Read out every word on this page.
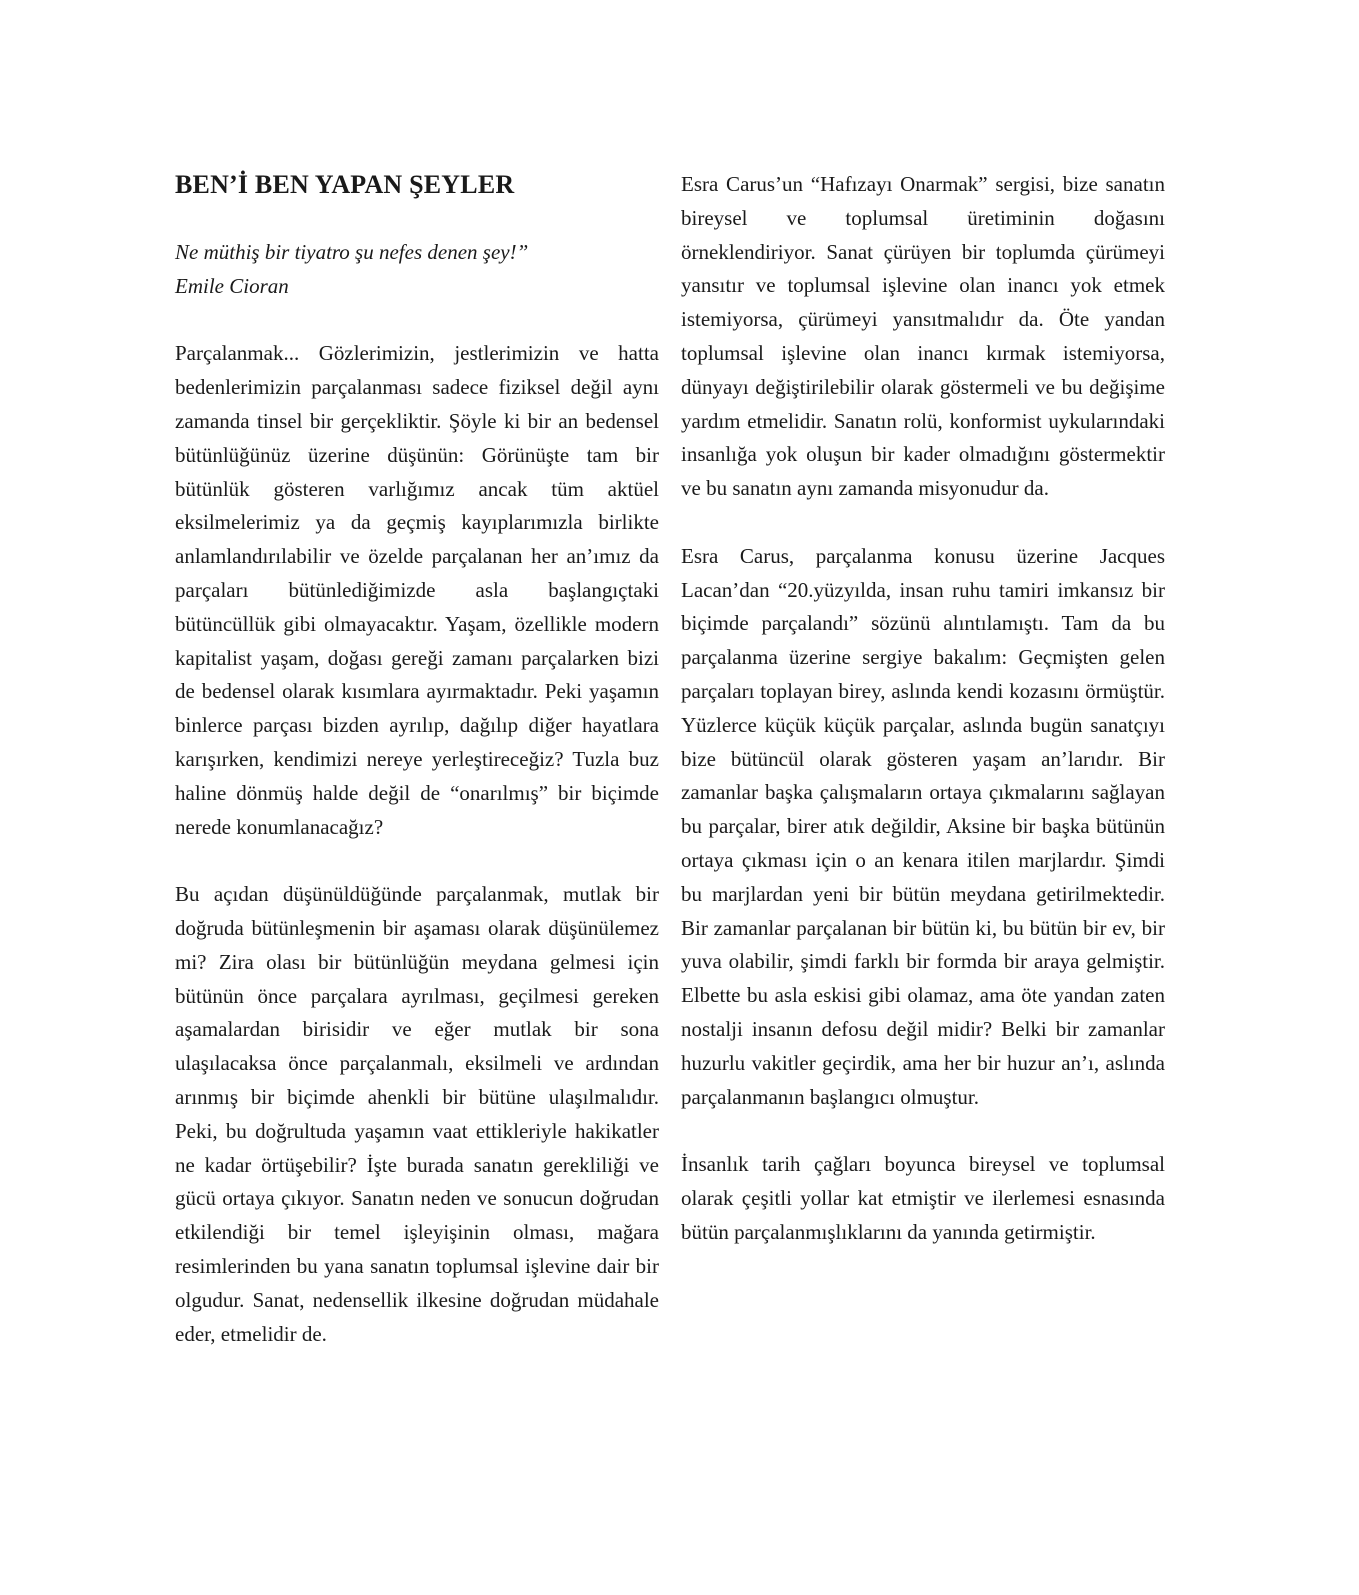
BEN’İ BEN YAPAN ŞEYLER
Ne müthiş bir tiyatro şu nefes denen şey!”
Emile Cioran

Parçalanmak... Gözlerimizin, jestlerimizin ve hatta bedenlerimizin parçalanması sadece fiziksel değil aynı zamanda tinsel bir gerçekliktir. Şöyle ki bir an bedensel bütünlüğünüz üzerine düşünün: Görünüşte tam bir bütünlük gösteren varlığımız ancak tüm aktüel eksilmelerimiz ya da geçmiş kayıplarımızla birlikte anlamlandırılabilir ve özelde parçalanan her an’ımız da parçaları bütünlediğimizde asla başlangıçtaki bütüncüllük gibi olmayacaktır. Yaşam, özellikle modern kapitalist yaşam, doğası gereği zamanı parçalarken bizi de bedensel olarak kısımlara ayırmaktadır. Peki yaşamın binlerce parçası bizden ayrılıp, dağılıp diğer hayatlara karışırken, kendimizi nereye yerleştireceğiz? Tuzla buz haline dönmüş halde değil de “onarılmış” bir biçimde nerede konumlanacağız?

Bu açıdan düşünüldüğünde parçalanmak, mutlak bir doğruda bütünleşmenin bir aşaması olarak düşünülemez mi? Zira olası bir bütünlüğün meydana gelmesi için bütünün önce parçalara ayrılması, geçilmesi gereken aşamalardan birisidir ve eğer mutlak bir sona ulaşılacaksa önce parçalanmalı, eksilmeli ve ardından arınmış bir biçimde ahenkli bir bütüne ulaşılmalıdır. Peki, bu doğrultuda yaşamın vaat ettikleriyle hakikatler ne kadar örtüşebilir? İşte burada sanatın gerekliliği ve gücü ortaya çıkıyor. Sanatın neden ve sonucun doğrudan etkilendiği bir temel işleyişinin olması, mağara resimlerinden bu yana sanatın toplumsal işlevine dair bir olgudur. Sanat, nedensellik ilkesine doğrudan müdahale eder, etmelidir de.

Esra Carus’un “Hafızayı Onarmak” sergisi, bize sanatın bireysel ve toplumsal üretiminin doğasını örneklendiriyor. Sanat çürüyen bir toplumda çürümeyi yansıtır ve toplumsal işlevine olan inancı yok etmek istemiyorsa, çürümeyi yansıtmalıdır da. Öte yandan toplumsal işlevine olan inancı kırmak istemiyorsa, dünyayı değiştirilebilir olarak göstermeli ve bu değişime yardım etmelidir. Sanatın rolü, konformist uykularındaki insanlığa yok oluşun bir kader olmadığını göstermektir ve bu sanatın aynı zamanda misyonudur da.

Esra Carus, parçalanma konusu üzerine Jacques Lacan’dan “20.yüzyılda, insan ruhu tamiri imkansız bir biçimde parçalandı” sözünü alıntılamıştı. Tam da bu parçalanma üzerine sergiye bakalım: Geçmişten gelen parçaları toplayan birey, aslında kendi kozasını örmüştür. Yüzlerce küçük küçük parçalar, aslında bugün sanatçıyı bize bütüncül olarak gösteren yaşam an’larıdır. Bir zamanlar başka çalışmaların ortaya çıkmalarını sağlayan bu parçalar, birer atık değildir, Aksine bir başka bütünün ortaya çıkması için o an kenara itilen marjlardır. Şimdi bu marjlardan yeni bir bütün meydana getirilmektedir. Bir zamanlar parçalanan bir bütün ki, bu bütün bir ev, bir yuva olabilir, şimdi farklı bir formda bir araya gelmiştir. Elbette bu asla eskisi gibi olamaz, ama öte yandan zaten nostalji insanın defosu değil midir? Belki bir zamanlar huzurlu vakitler geçirdik, ama her bir huzur an’ı, aslında parçalanmanın başlangıcı olmuştur.

İnsanlık tarih çağları boyunca bireysel ve toplumsal olarak çeşitli yollar kat etmiştir ve ilerlemesi esnasında bütün parçalanmışlıklarını da yanında getirmiştir.
